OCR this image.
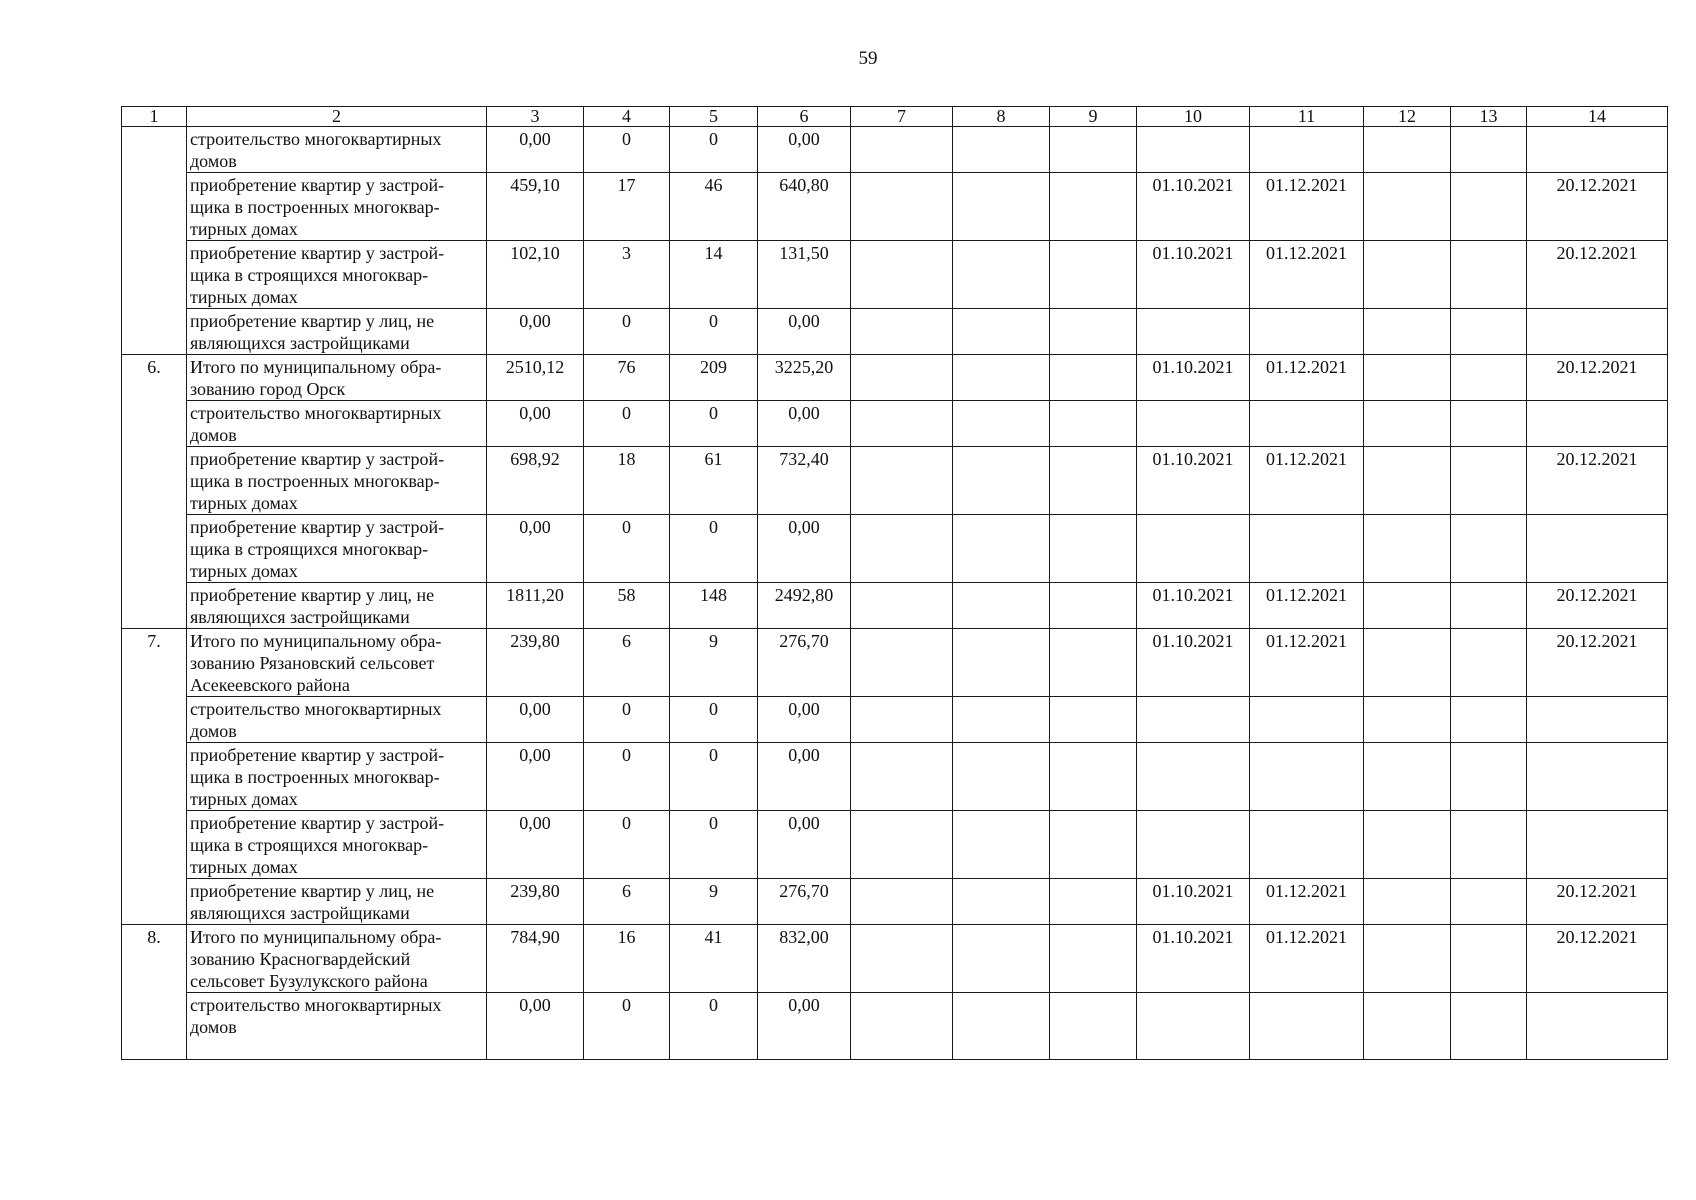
59
1	2	3	4	5	6	7	8	9	10	11	12	13	14
	строительство многоквартирных домов	0,00	0	0	0,00								
	приобретение квартир у застрой-щика в построенных многоквар-тирных домах	459,10	17	46	640,80				01.10.2021	01.12.2021			20.12.2021
	приобретение квартир у застрой-щика в строящихся многоквар-тирных домах	102,10	3	14	131,50				01.10.2021	01.12.2021			20.12.2021
	приобретение квартир у лиц, не являющихся застройщиками	0,00	0	0	0,00								
6.	Итого по муниципальному обра-зованию город Орск	2510,12	76	209	3225,20				01.10.2021	01.12.2021			20.12.2021
	строительство многоквартирных домов	0,00	0	0	0,00								
	приобретение квартир у застрой-щика в построенных многоквар-тирных домах	698,92	18	61	732,40				01.10.2021	01.12.2021			20.12.2021
	приобретение квартир у застрой-щика в строящихся многоквар-тирных домах	0,00	0	0	0,00								
	приобретение квартир у лиц, не являющихся застройщиками	1811,20	58	148	2492,80				01.10.2021	01.12.2021			20.12.2021
7.	Итого по муниципальному обра-зованию Рязановский сельсовет Асекеевского района	239,80	6	9	276,70				01.10.2021	01.12.2021			20.12.2021
	строительство многоквартирных домов	0,00	0	0	0,00								
	приобретение квартир у застрой-щика в построенных многоквар-тирных домах	0,00	0	0	0,00								
	приобретение квартир у застрой-щика в строящихся многоквар-тирных домах	0,00	0	0	0,00								
	приобретение квартир у лиц, не являющихся застройщиками	239,80	6	9	276,70				01.10.2021	01.12.2021			20.12.2021
8.	Итого по муниципальному обра-зованию Красногвардейский сельсовет Бузулукского района	784,90	16	41	832,00				01.10.2021	01.12.2021			20.12.2021
	строительство многоквартирных домов	0,00	0	0	0,00								
